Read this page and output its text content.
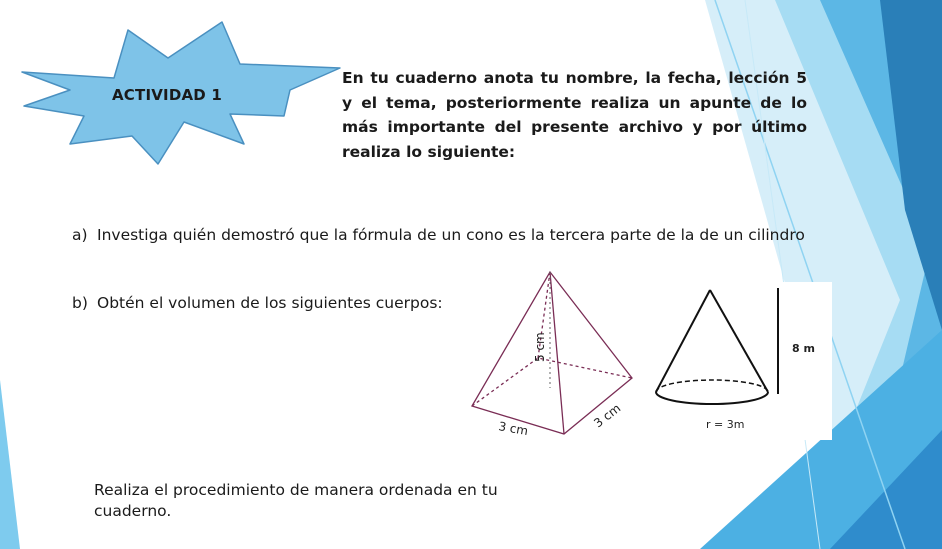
ACTIVIDAD 1
En tu cuaderno anota tu nombre, la fecha, lección 5 y el tema, posteriormente realiza un apunte de lo más importante del presente archivo y por último realiza lo siguiente:
a) Investiga quién demostró que la fórmula de un cono es la tercera parte de la de un cilindro
b) Obtén el volumen de los siguientes cuerpos:
5 cm
3 cm	3 cm
8 m
r = 3m
Realiza el procedimiento de manera ordenada en tu cuaderno.
